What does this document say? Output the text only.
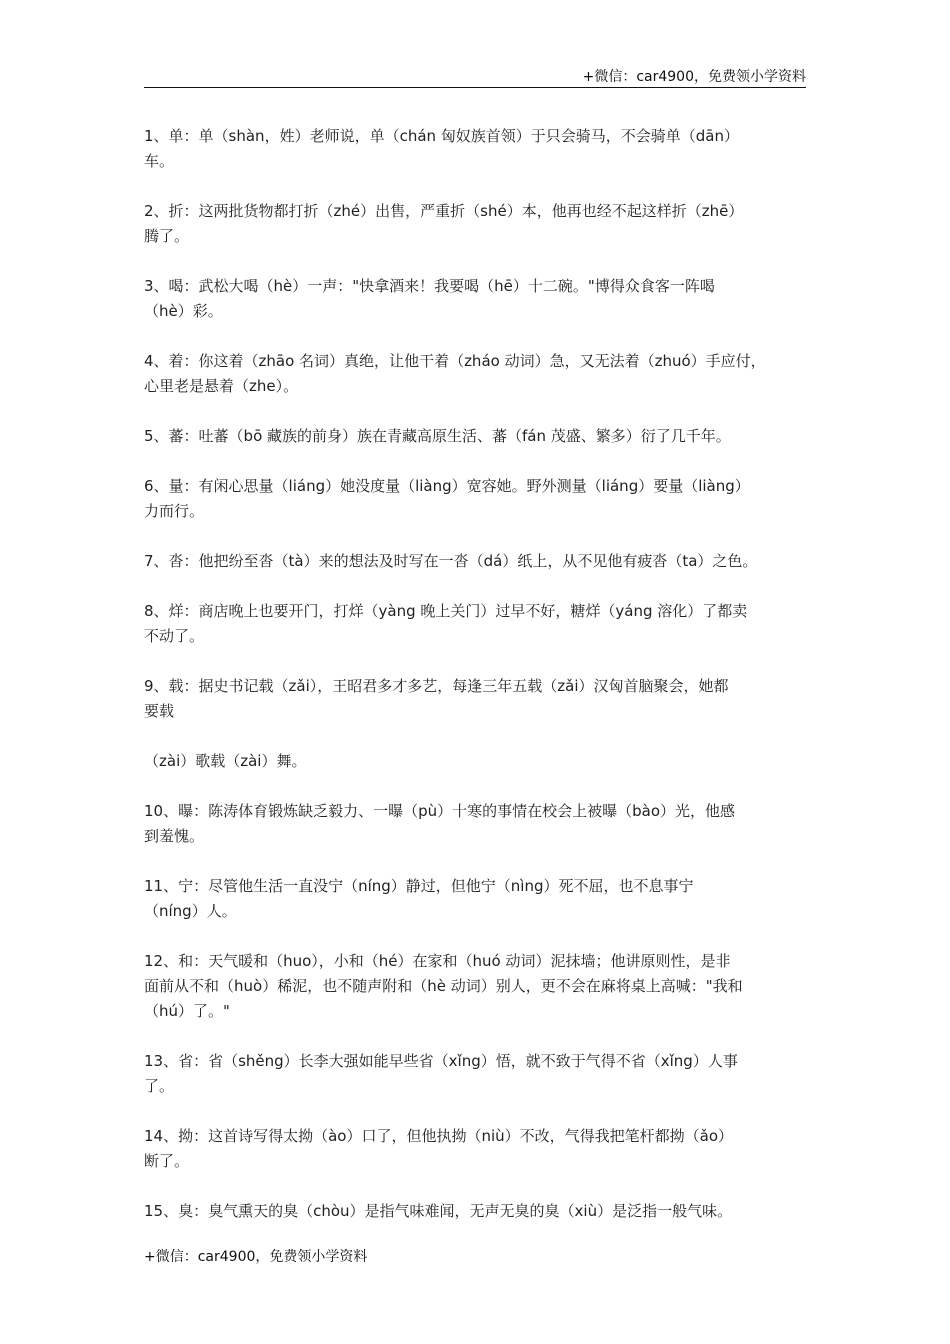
+微信：car4900，免费领小学资料

1、单：单（shàn，姓）老师说，单（chán 匈奴族首领）于只会骑马，不会骑单（dān）
车。

2、折：这两批货物都打折（zhé）出售，严重折（shé）本，他再也经不起这样折（zhē）
腾了。

3、喝：武松大喝（hè）一声："快拿酒来！我要喝（hē）十二碗。"博得众食客一阵喝
（hè）彩。

4、着：你这着（zhāo 名词）真绝，让他干着（zháo 动词）急，又无法着（zhuó）手应付，
心里老是悬着（zhe）。

5、蕃：吐蕃（bō 藏族的前身）族在青藏高原生活、蕃（fán 茂盛、繁多）衍了几千年。

6、量：有闲心思量（liáng）她没度量（liàng）宽容她。野外测量（liáng）要量（liàng）
力而行。

7、沓：他把纷至沓（tà）来的想法及时写在一沓（dá）纸上，从不见他有疲沓（ta）之色。

8、烊：商店晚上也要开门，打烊（yàng 晚上关门）过早不好，糖烊（yáng 溶化）了都卖
不动了。

9、载：据史书记载（zǎi），王昭君多才多艺，每逢三年五载（zǎi）汉匈首脑聚会，她都
要载

（zài）歌载（zài）舞。

10、曝：陈涛体育锻炼缺乏毅力、一曝（pù）十寒的事情在校会上被曝（bào）光，他感
到羞愧。

11、宁：尽管他生活一直没宁（níng）静过，但他宁（nìng）死不屈，也不息事宁
（níng）人。

12、和：天气暖和（huo），小和（hé）在家和（huó 动词）泥抹墙；他讲原则性，是非
面前从不和（huò）稀泥，也不随声附和（hè 动词）别人，更不会在麻将桌上高喊："我和
（hú）了。"

13、省：省（shěng）长李大强如能早些省（xǐng）悟，就不致于气得不省（xǐng）人事
了。

14、拗：这首诗写得太拗（ào）口了，但他执拗（niù）不改，气得我把笔杆都拗（ǎo）
断了。

15、臭：臭气熏天的臭（chòu）是指气味难闻，无声无臭的臭（xiù）是泛指一般气味。

+微信：car4900，免费领小学资料
